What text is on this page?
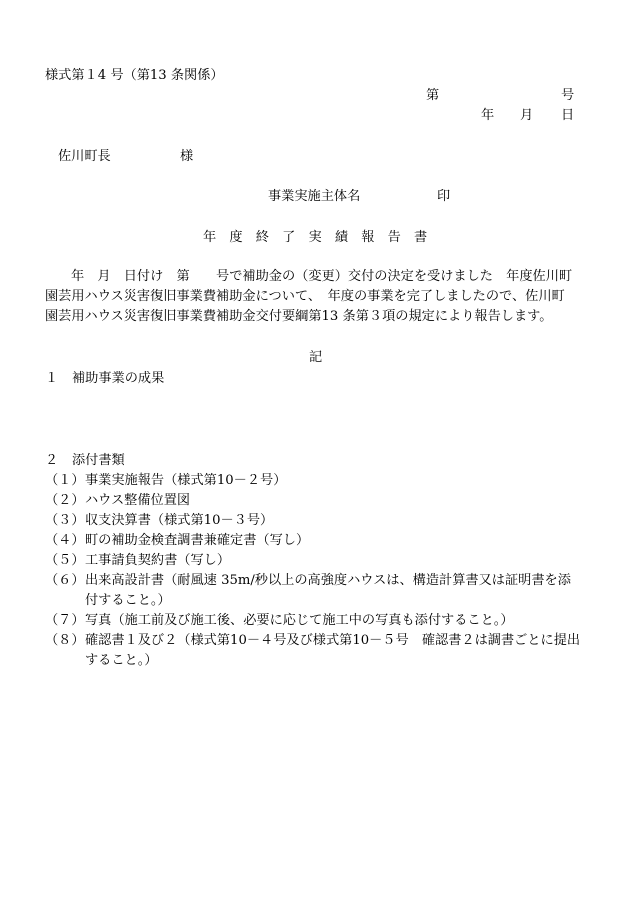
様式第１4 号（第13 条関係）
第	号
年 月 日
佐川町長	様
事業実施主体名	印
年　度　終　了　実　績　報　告　書
年　月　日付け　第　　号で補助金の（変更）交付の決定を受けました　年度佐川町
園芸用ハウス災害復旧事業費補助金について、　年度の事業を完了しましたので、佐川町
園芸用ハウス災害復旧事業費補助金交付要綱第13 条第３項の規定により報告します。
記
１ 補助事業の成果
２ 添付書類
（１） 事業実施報告（様式第10－２号）
（２） ハウス整備位置図
（３） 収支決算書（様式第10－３号）
（４） 町の補助金検査調書兼確定書（写し）
（５） 工事請負契約書（写し）
（６） 出来高設計書（耐風速 35m/秒以上の高強度ハウスは、構造計算書又は証明書を添
付すること。）
（７） 写真（施工前及び施工後、必要に応じて施工中の写真も添付すること。）
（８） 確認書１及び２（様式第10－４号及び様式第10－５号　確認書２は調書ごとに提出
すること。）
